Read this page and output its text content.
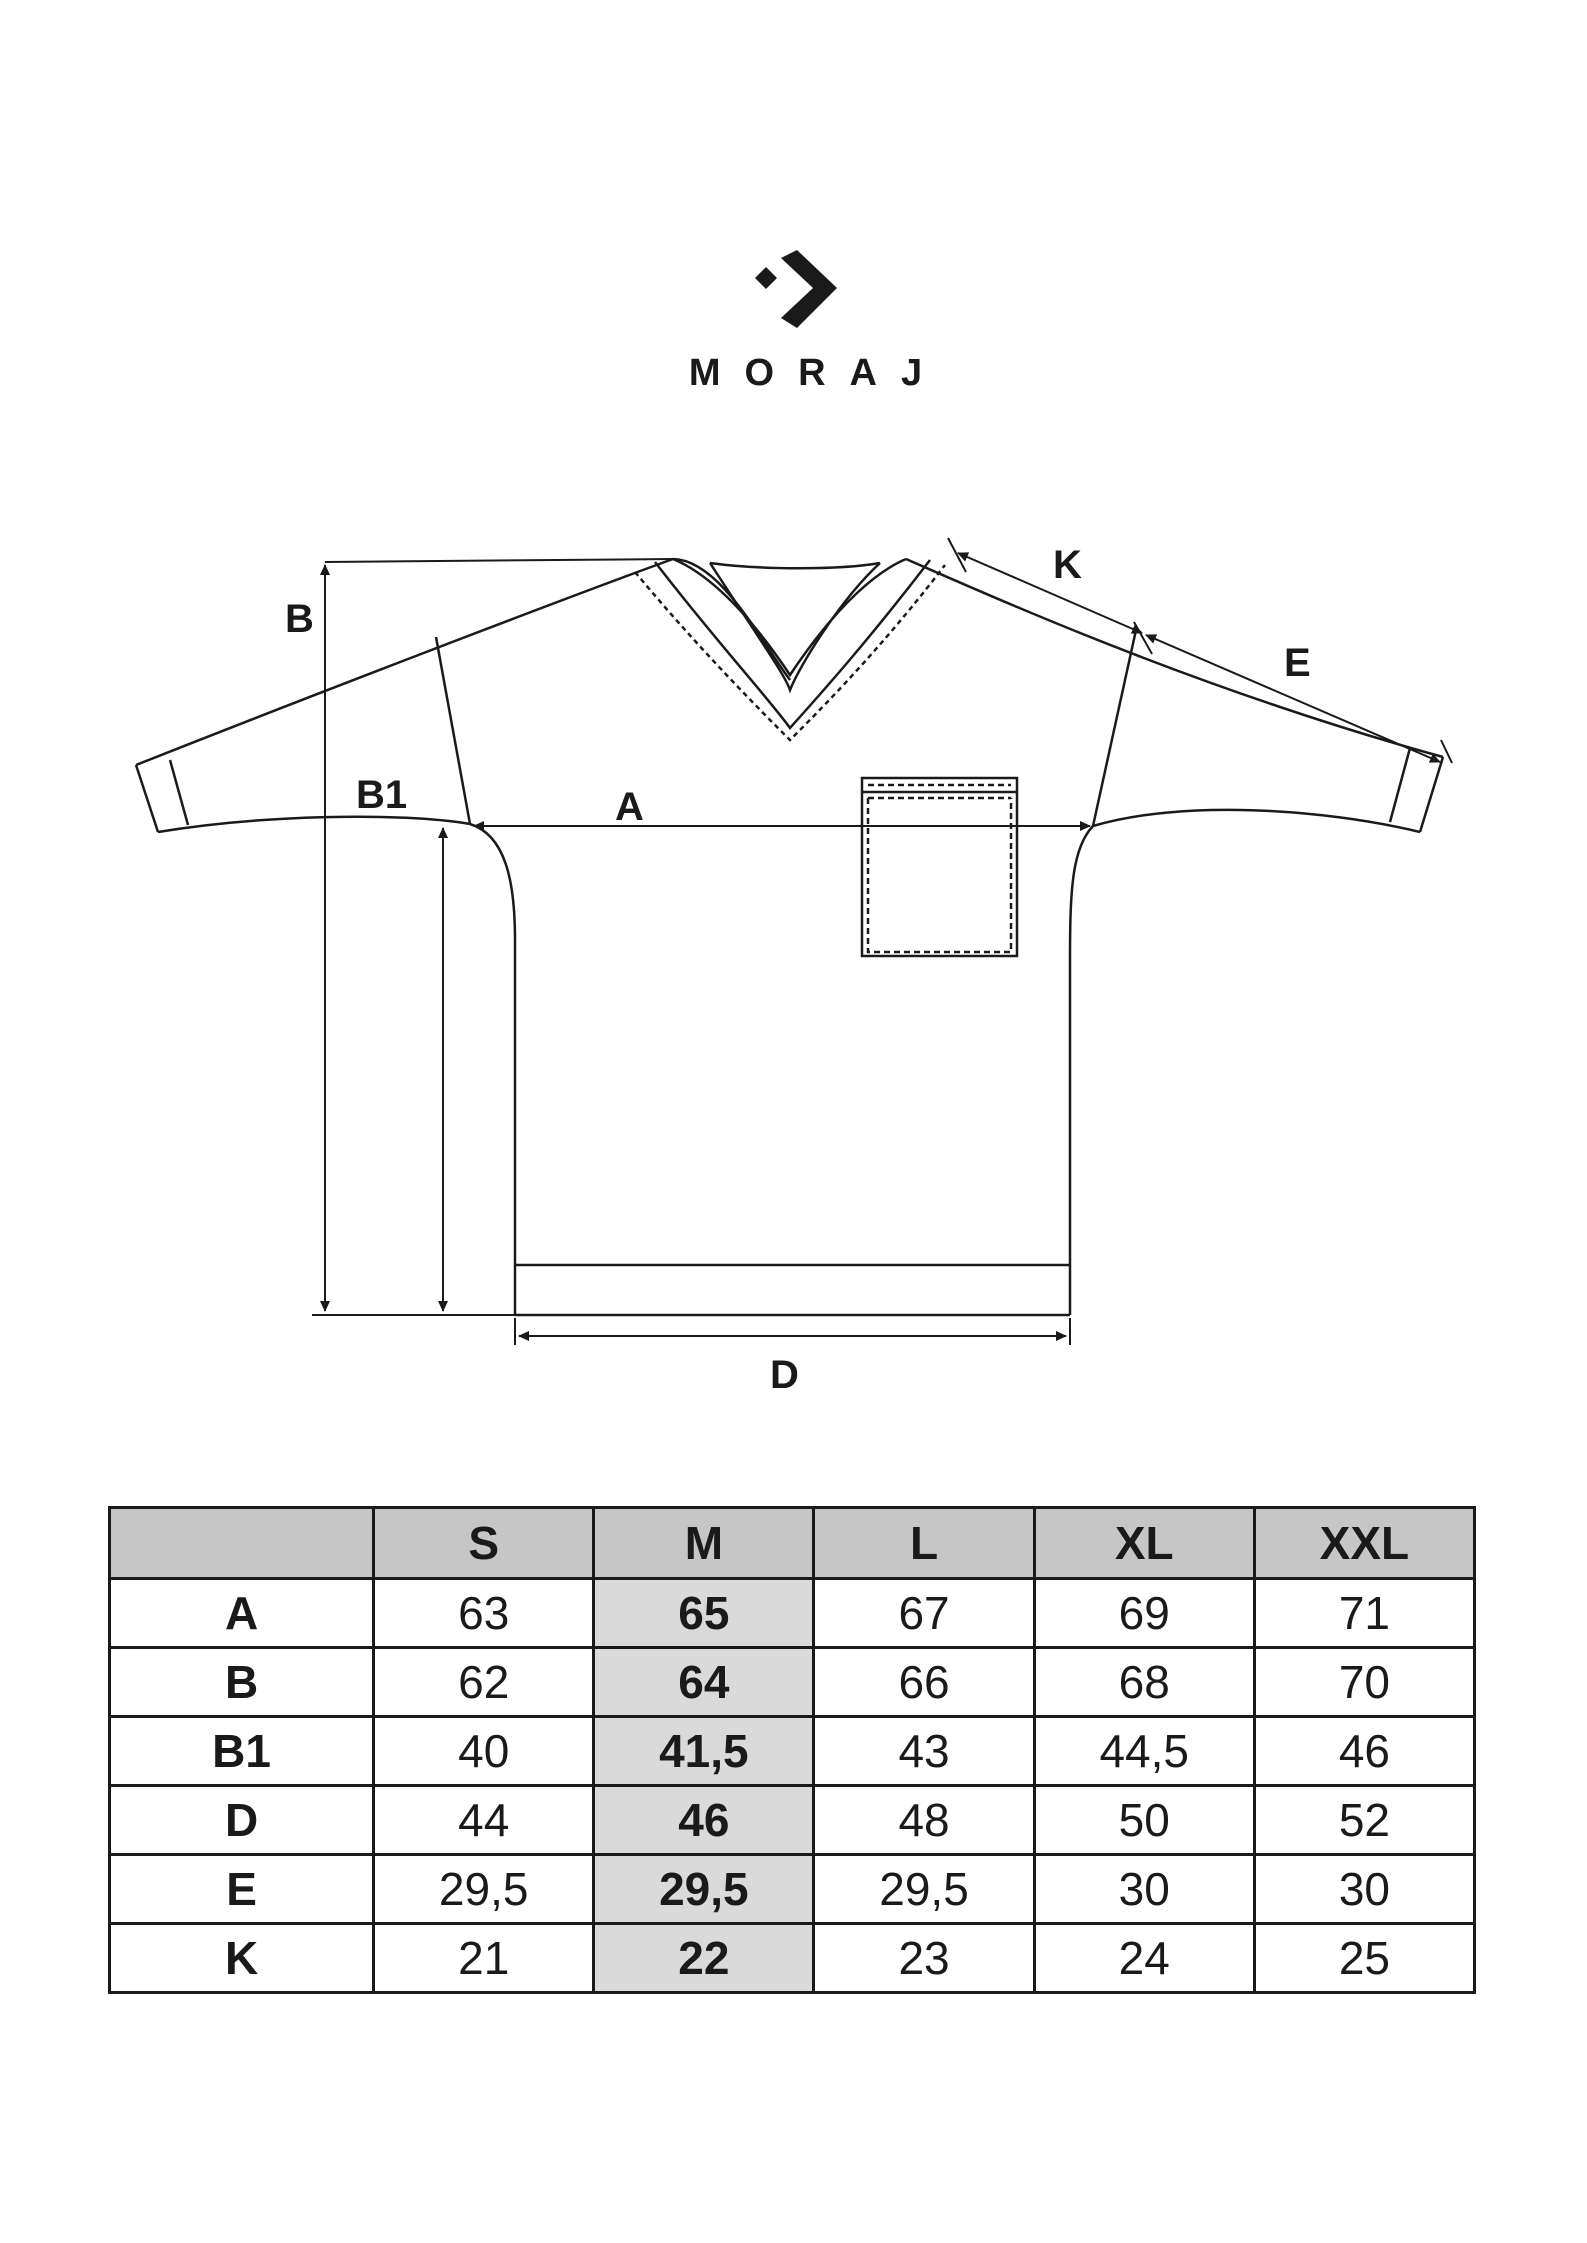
MORAJ
B
B1	A
D
K
E
	S	M	L	XL	XXL
A	63	65	67	69	71
B	62	64	66	68	70
B1	40	41,5	43	44,5	46
D	44	46	48	50	52
E	29,5	29,5	29,5	30	30
K	21	22	23	24	25
